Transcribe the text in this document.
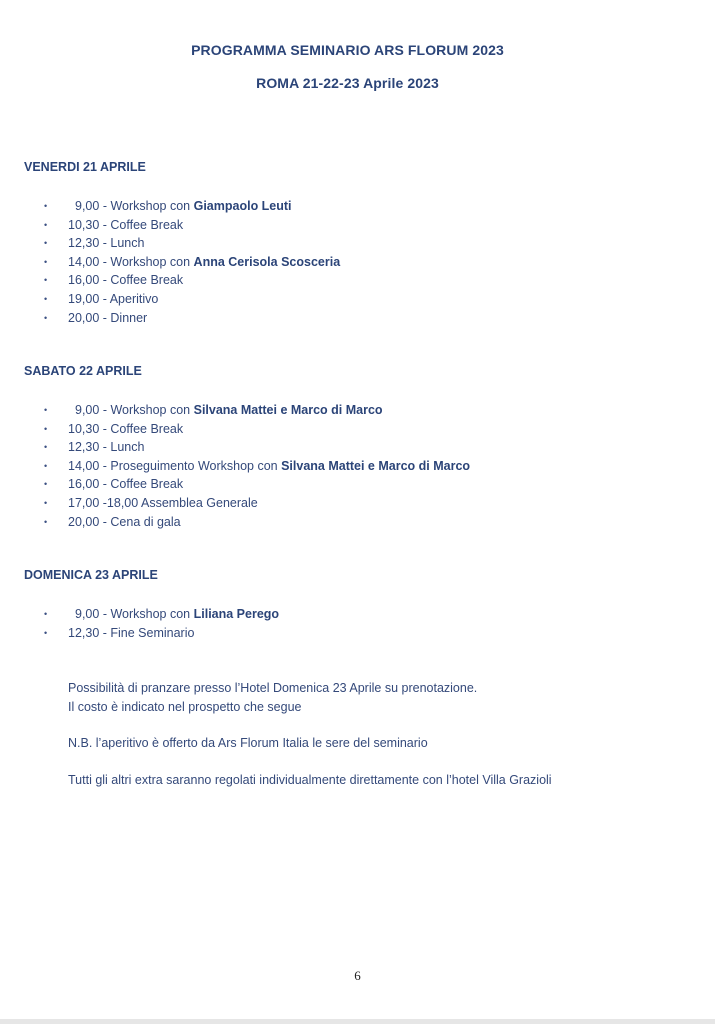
PROGRAMMA SEMINARIO ARS FLORUM 2023
ROMA 21-22-23 Aprile 2023
VENERDI 21 APRILE
• 9,00 - Workshop con Giampaolo Leuti
• 10,30 - Coffee Break
• 12,30 - Lunch
• 14,00 - Workshop con Anna Cerisola Scosceria
• 16,00 - Coffee Break
• 19,00 - Aperitivo
• 20,00 - Dinner
SABATO 22 APRILE
• 9,00 - Workshop con Silvana Mattei e Marco di Marco
• 10,30 - Coffee Break
• 12,30 - Lunch
• 14,00 - Proseguimento Workshop con Silvana Mattei e Marco di Marco
• 16,00 - Coffee Break
• 17,00 -18,00 Assemblea Generale
• 20,00 - Cena di gala
DOMENICA 23 APRILE
• 9,00 - Workshop con Liliana Perego
• 12,30 - Fine Seminario

Possibilità di pranzare presso l’Hotel Domenica 23 Aprile su prenotazione.

Il costo è indicato nel prospetto che segue

N.B. l’aperitivo è offerto da Ars Florum Italia le sere del seminario

Tutti gli altri extra saranno regolati individualmente direttamente con l’hotel Villa Grazioli

6
